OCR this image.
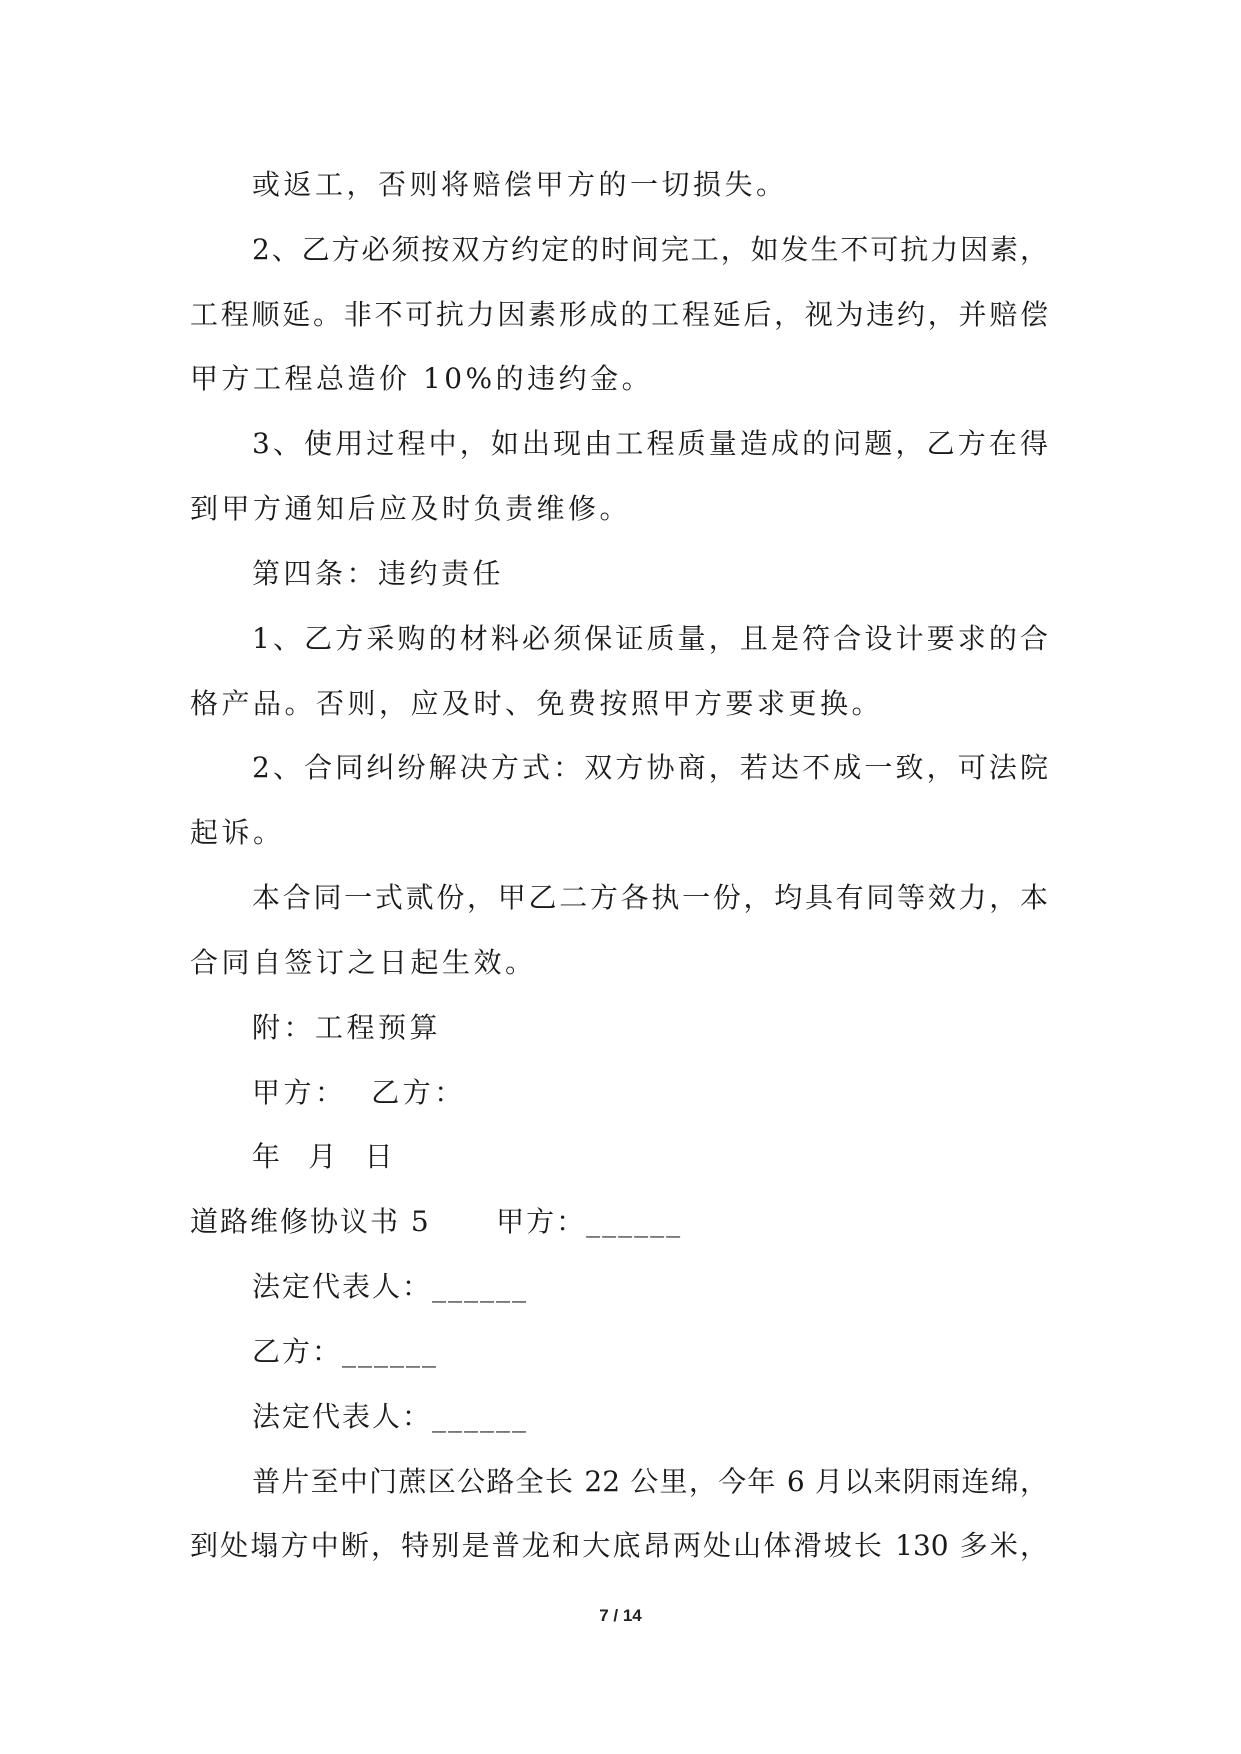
或返工，否则将赔偿甲方的一切损失。
2、乙方必须按双方约定的时间完工，如发生不可抗力因素，
工程顺延。非不可抗力因素形成的工程延后，视为违约，并赔偿
甲方工程总造价 10%的违约金。
3、使用过程中，如出现由工程质量造成的问题，乙方在得
到甲方通知后应及时负责维修。
第四条：违约责任
1、乙方采购的材料必须保证质量，且是符合设计要求的合
格产品。否则，应及时、免费按照甲方要求更换。
2、合同纠纷解决方式：双方协商，若达不成一致，可法院
起诉。
本合同一式贰份，甲乙二方各执一份，均具有同等效力，本
合同自签订之日起生效。
附：工程预算
甲方：  乙方：
年  月  日
道路维修协议书 5      甲方：______
法定代表人：______
乙方：______
法定代表人：______
普片至中门蔗区公路全长 22 公里，今年 6 月以来阴雨连绵，
到处塌方中断，特别是普龙和大底昂两处山体滑坡长 130 多米，
7 / 14
